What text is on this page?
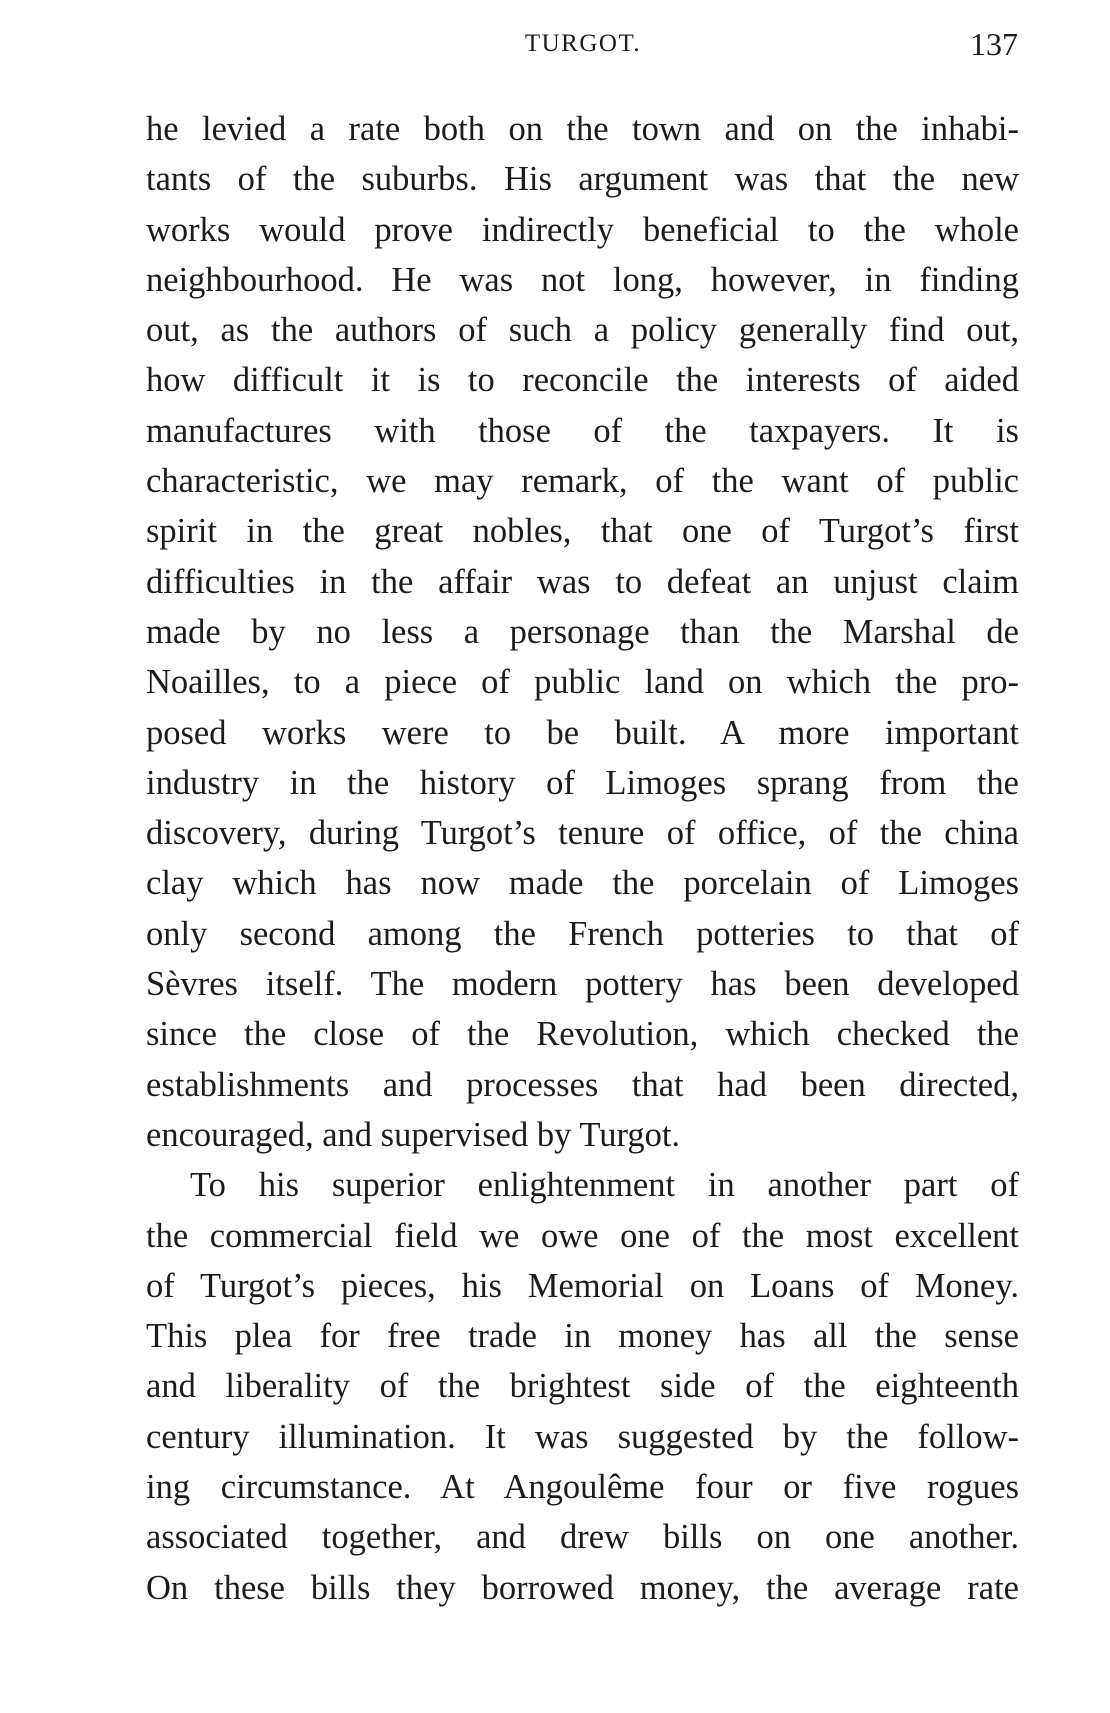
TURGOT.	137
he levied a rate both on the town and on the inhabi-
tants of the suburbs. His argument was that the new
works would prove indirectly beneficial to the whole
neighbourhood. He was not long, however, in finding
out, as the authors of such a policy generally find out,
how difficult it is to reconcile the interests of aided
manufactures with those of the taxpayers. It is
characteristic, we may remark, of the want of public
spirit in the great nobles, that one of Turgot’s first
difficulties in the affair was to defeat an unjust claim
made by no less a personage than the Marshal de
Noailles, to a piece of public land on which the pro-
posed works were to be built. A more important
industry in the history of Limoges sprang from the
discovery, during Turgot’s tenure of office, of the china
clay which has now made the porcelain of Limoges
only second among the French potteries to that of
Sèvres itself. The modern pottery has been developed
since the close of the Revolution, which checked the
establishments and processes that had been directed,
encouraged, and supervised by Turgot.
To his superior enlightenment in another part of
the commercial field we owe one of the most excellent
of Turgot’s pieces, his Memorial on Loans of Money.
This plea for free trade in money has all the sense
and liberality of the brightest side of the eighteenth
century illumination. It was suggested by the follow-
ing circumstance. At Angoulême four or five rogues
associated together, and drew bills on one another.
On these bills they borrowed money, the average rate
